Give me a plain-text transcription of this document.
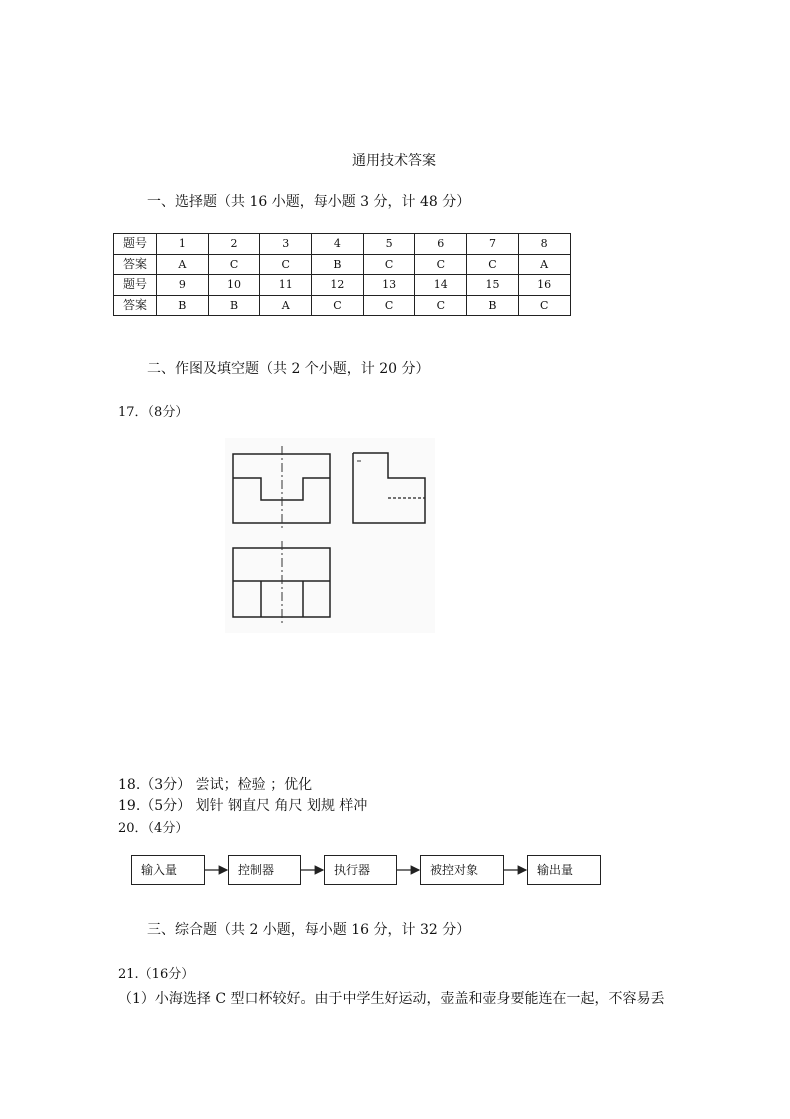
通用技术答案
一、选择题（共 16 小题，每小题 3 分，计 48 分）
题号	1	2	3	4	5	6	7	8
答案	A	C	C	B	C	C	C	A
题号	9	10	11	12	13	14	15	16
答案	B	B	A	C	C	C	B	C
二、作图及填空题（共 2 个小题，计 20 分）
17．（8分）
18.（3分） 尝试；检验 ；优化
19.（5分） 划针 钢直尺 角尺 划规 样冲
20．（4分）
输入量	控制器	执行器	被控对象	输出量
三、综合题（共 2 小题，每小题 16 分，计 32 分）
21.（16分）
（1）小海选择 C 型口杯较好。由于中学生好运动，壶盖和壶身要能连在一起，不容易丢
